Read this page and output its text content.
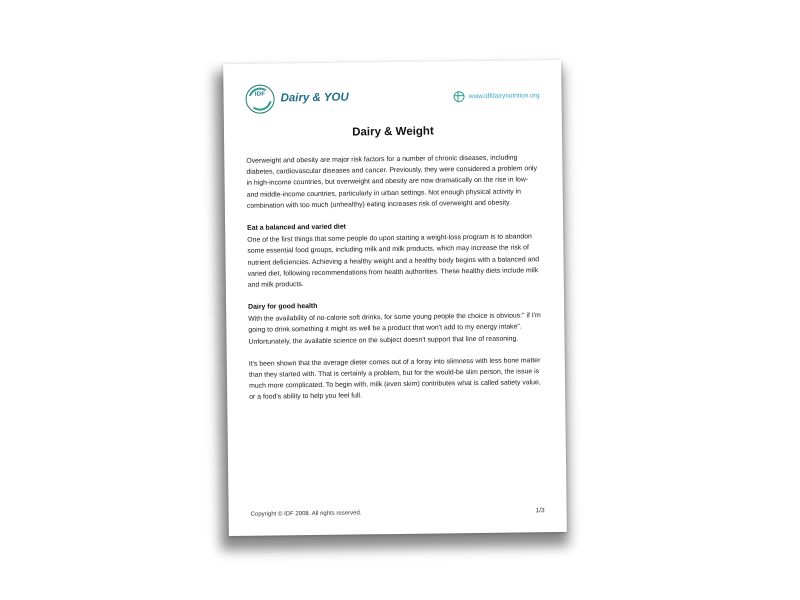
IDF	Dairy & YOU	www.idfdairynutrition.org
Dairy & Weight

Overweight and obesity are major risk factors for a number of chronic diseases, including diabetes, cardiovascular diseases and cancer. Previously, they were considered a problem only in high-income countries, but overweight and obesity are now dramatically on the rise in low- and middle-income countries, particularly in urban settings. Not enough physical activity in combination with too much (unhealthy) eating increases risk of overweight and obesity.

Eat a balanced and varied diet

One of the first things that some people do upon starting a weight-loss program is to abandon some essential food groups, including milk and milk products, which may increase the risk of nutrient deficiencies. Achieving a healthy weight and a healthy body begins with a balanced and varied diet, following recommendations from health authorities. These healthy diets include milk and milk products.

Dairy for good health

With the availability of no-calorie soft drinks, for some young people the choice is obvious:" if I'm going to drink something it might as well be a product that won't add to my energy intake". Unfortunately, the available science on the subject doesn't support that line of reasoning.

It's been shown that the average dieter comes out of a foray into slimness with less bone matter than they started with. That is certainly a problem, but for the would-be slim person, the issue is much more complicated. To begin with, milk (even skim) contributes what is called satiety value, or a food's ability to help you feel full.

Copyright © IDF 2008. All rights reserved.	1/3
